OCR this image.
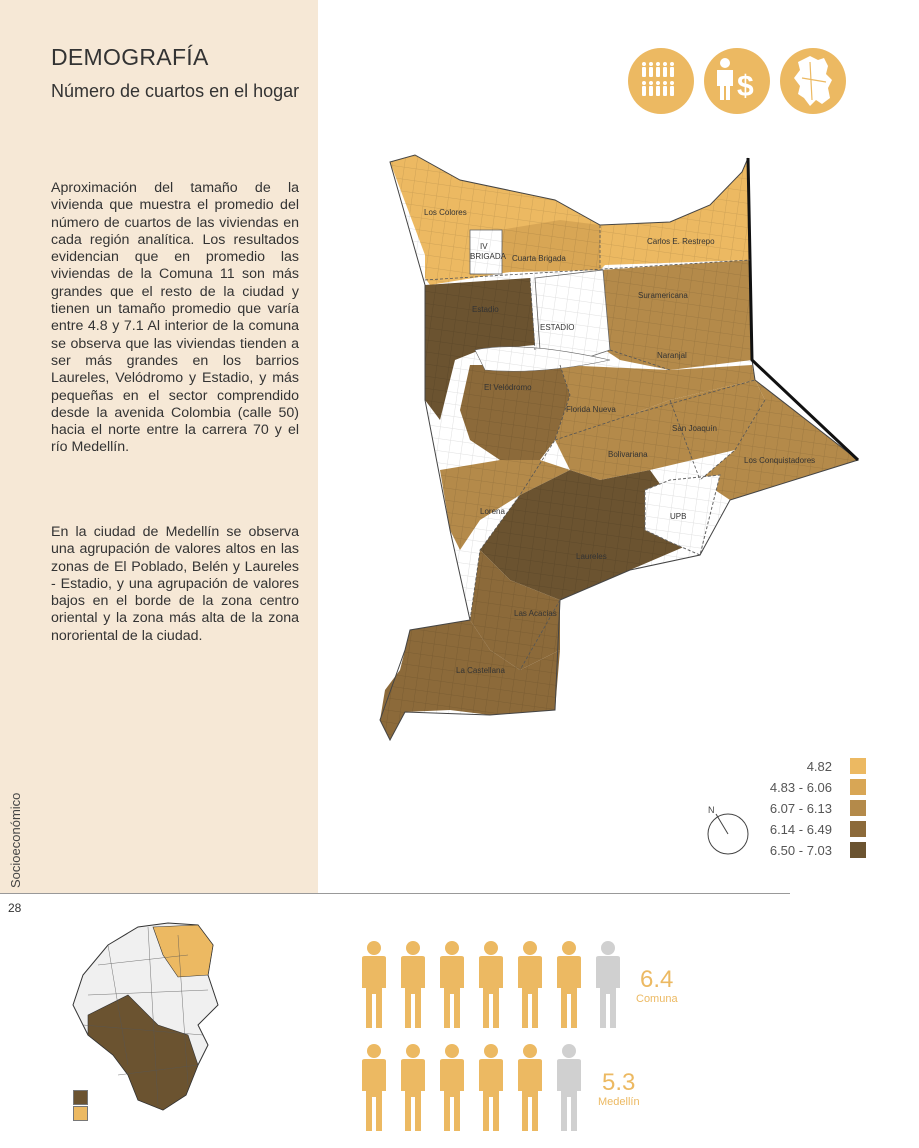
DEMOGRAFÍA
Número de cuartos en el hogar

Aproximación del tamaño de la vivienda que muestra el promedio del número de cuartos de las viviendas en cada región analítica. Los resultados evidencian que en promedio las viviendas de la Comuna 11 son más grandes que el resto de la ciudad y tienen un tamaño promedio que varía entre 4.8 y 7.1 Al interior de la comuna se observa que las viviendas tienden a ser más grandes en los barrios Laureles, Velódromo y Estadio, y más pequeñas en el sector comprendido desde la avenida Colombia (calle 50) hacia el norte entre la carrera 70 y el río Medellín.

En la ciudad de Medellín se observa una agrupación de valores altos en las zonas de El Poblado, Belén y Laureles - Estadio, y una agrupación de valores bajos en el borde de la zona centro oriental y la zona más alta de la zona nororiental de la ciudad.

Socioeconómico
28
$
Los Colores
IV
BRIGADA Cuarta Brigada
Carlos E. Restrepo
Estadio
ESTADIO
Suramericana
Naranjal
El Velódromo
Florida Nueva
San Joaquín
Bolivariana
Los Conquistadores
UPB
Lorena
Laureles
Las Acacias
La Castellana
4.82
4.83 - 6.06
6.07 - 6.13
6.14 - 6.49
6.50 - 7.03
N
6.4
Comuna
5.3
Medellín
